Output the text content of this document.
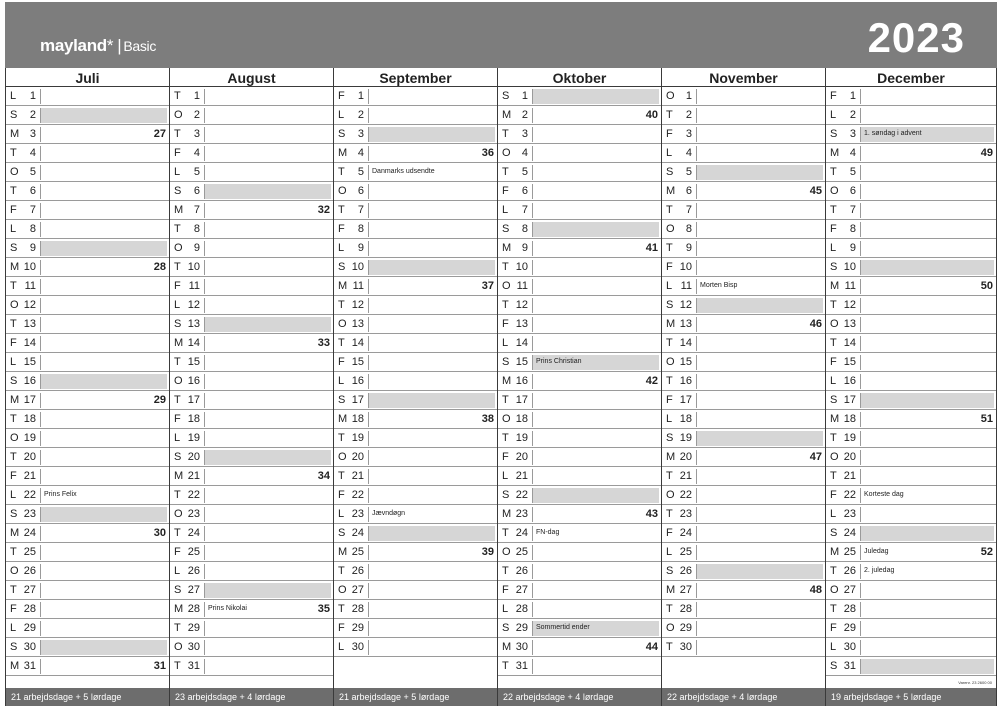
mayland* | Basic	2023
Juli
L	1
S	2
M 3	27
T	4
O	5
T	6
F	7
L	8
S	9
M 10	28
T 11
O 12
T 13
F 14
L 15
S 16
M 17	29
T 18
O 19
T 20
F 21
L 22 Prins Felix
S 23
M 24	30
T 25
O 26
T 27
F 28
L 29
S 30
M 31	31
21 arbejdsdage + 5 lørdage
August
T	1
O	2
T	3
F	4
L	5
S	6
M 7	32
T	8
O	9
T 10
F 11
L 12
S 13
M 14	33
T 15
O 16
T 17
F 18
L 19
S 20
M 21	34
T 22
O 23
T 24
F 25
L 26
S 27
M 28 Prins Nikolai	35
T 29
O 30
T 31
23 arbejdsdage + 4 lørdage
September
F	1
L	2
S	3
M 4	36
T	5 Danmarks udsendte
O	6
T	7
F	8
L	9
S 10
M 11	37
T 12
O 13
T 14
F 15
L 16
S 17
M 18	38
T 19
O 20
T 21
F 22
L 23 Jævndøgn
S 24
M 25	39
T 26
O 27
T 28
F 29
L 30
21 arbejdsdage + 5 lørdage
Oktober
S	1
M 2	40
T	3
O	4
T	5
F	6
L	7
S	8
M 9	41
T 10
O 11
T 12
F 13
L 14
S 15 Prins Christian
M 16	42
T 17
O 18
T 19
F 20
L 21
S 22
M 23	43
T 24 FN-dag
O 25
T 26
F 27
L 28
S 29 Sommertid ender
M 30	44
T 31
22 arbejdsdage + 4 lørdage
November
O	1
T	2
F	3
L	4
S	5
M 6	45
T	7
O	8
T	9
F 10
L 11 Morten Bisp
S 12
M 13	46
T 14
O 15
T 16
F 17
L 18
S 19
M 20	47
T 21
O 22
T 23
F 24
L 25
S 26
M 27	48
T 28
O 29
T 30
22 arbejdsdage + 4 lørdage
December
F	1
L	2
S	3 1. søndag i advent
M 4	49
T	5
O	6
T	7
F	8
L	9
S 10
M 11	50
T 12
O 13
T 14
F 15
L 16
S 17
M 18	51
T 19
O 20
T 21
F 22 Korteste dag
L 23
S 24
M 25 Juledag	52
T 26 2. juledag
O 27
T 28
F 29
L 30
S 31
Varenr. 23 2600 00
19 arbejdsdage + 5 lørdage
